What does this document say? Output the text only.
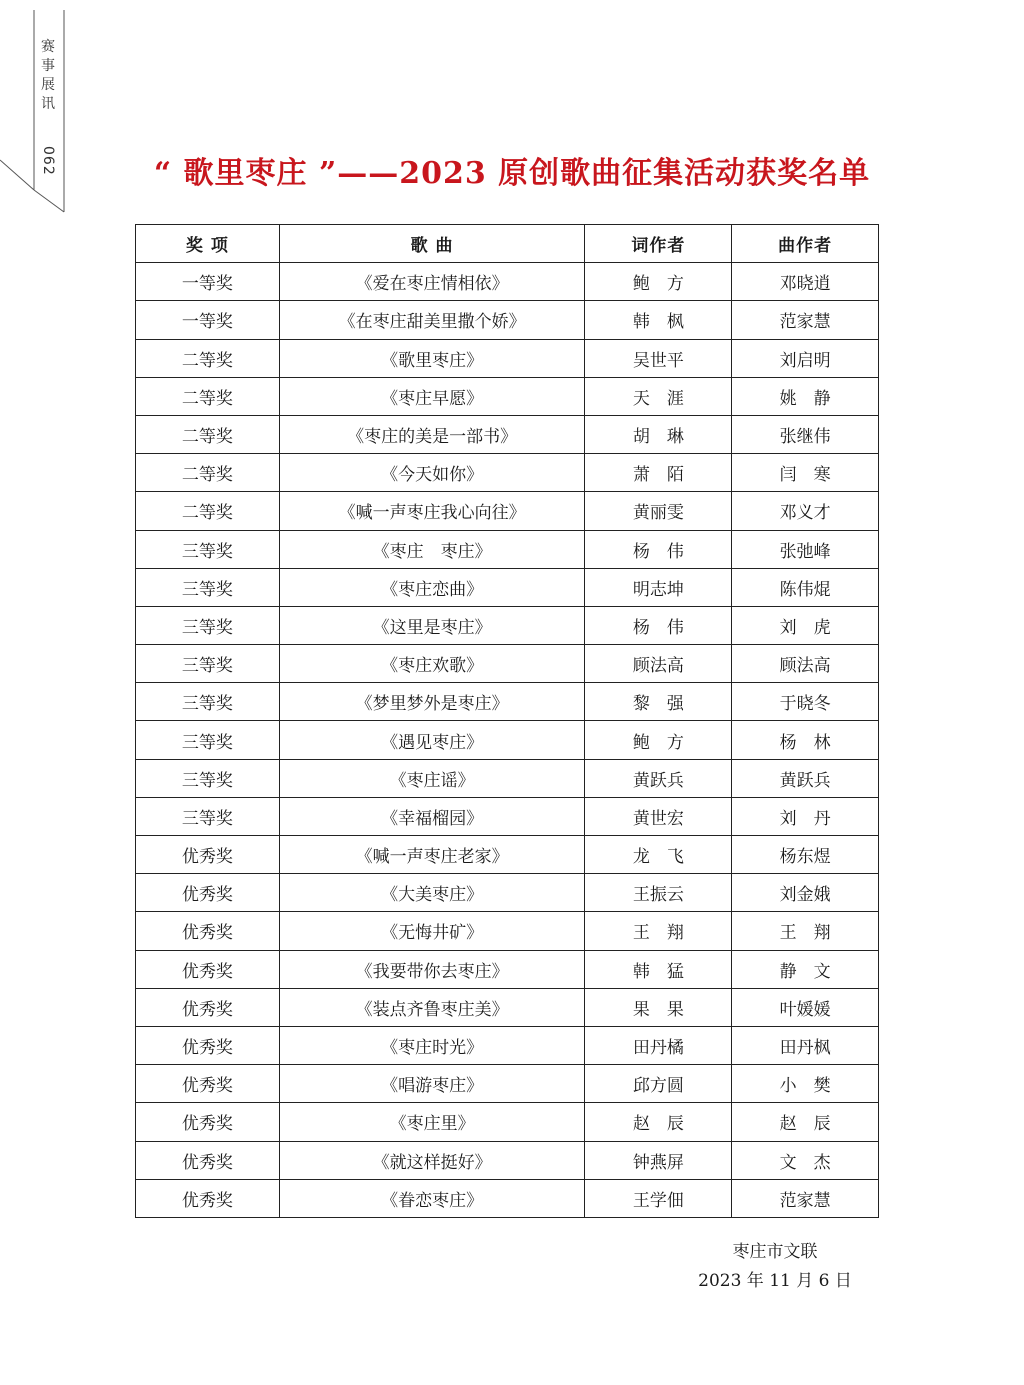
赛事展讯
062	“ 歌里枣庄 ”——2023 原创歌曲征集活动获奖名单
奖 项	歌 曲	词作者	曲作者
一等奖	《爱在枣庄情相依》	鲍　方	邓晓逍
一等奖	《在枣庄甜美里撒个娇》	韩　枫	范家慧
二等奖	《歌里枣庄》	吴世平	刘启明
二等奖	《枣庄早愿》	天　涯	姚　静
二等奖	《枣庄的美是一部书》	胡　琳	张继伟
二等奖	《今天如你》	萧　陌	闫　寒
二等奖	《喊一声枣庄我心向往》	黄丽雯	邓义才
三等奖	《枣庄　枣庄》	杨　伟	张弛峰
三等奖	《枣庄恋曲》	明志坤	陈伟焜
三等奖	《这里是枣庄》	杨　伟	刘　虎
三等奖	《枣庄欢歌》	顾法高	顾法高
三等奖	《梦里梦外是枣庄》	黎　强	于晓冬
三等奖	《遇见枣庄》	鲍　方	杨　林
三等奖	《枣庄谣》	黄跃兵	黄跃兵
三等奖	《幸福榴园》	黄世宏	刘　丹
优秀奖	《喊一声枣庄老家》	龙　飞	杨东煜
优秀奖	《大美枣庄》	王振云	刘金娥
优秀奖	《无悔井矿》	王　翔	王　翔
优秀奖	《我要带你去枣庄》	韩　猛	静　文
优秀奖	《装点齐鲁枣庄美》	果　果	叶媛媛
优秀奖	《枣庄时光》	田丹橘	田丹枫
优秀奖	《唱游枣庄》	邱方圆	小　樊
优秀奖	《枣庄里》	赵　辰	赵　辰
优秀奖	《就这样挺好》	钟燕屏	文　杰
优秀奖	《眷恋枣庄》	王学佃	范家慧
枣庄市文联
2023 年 11 月 6 日
